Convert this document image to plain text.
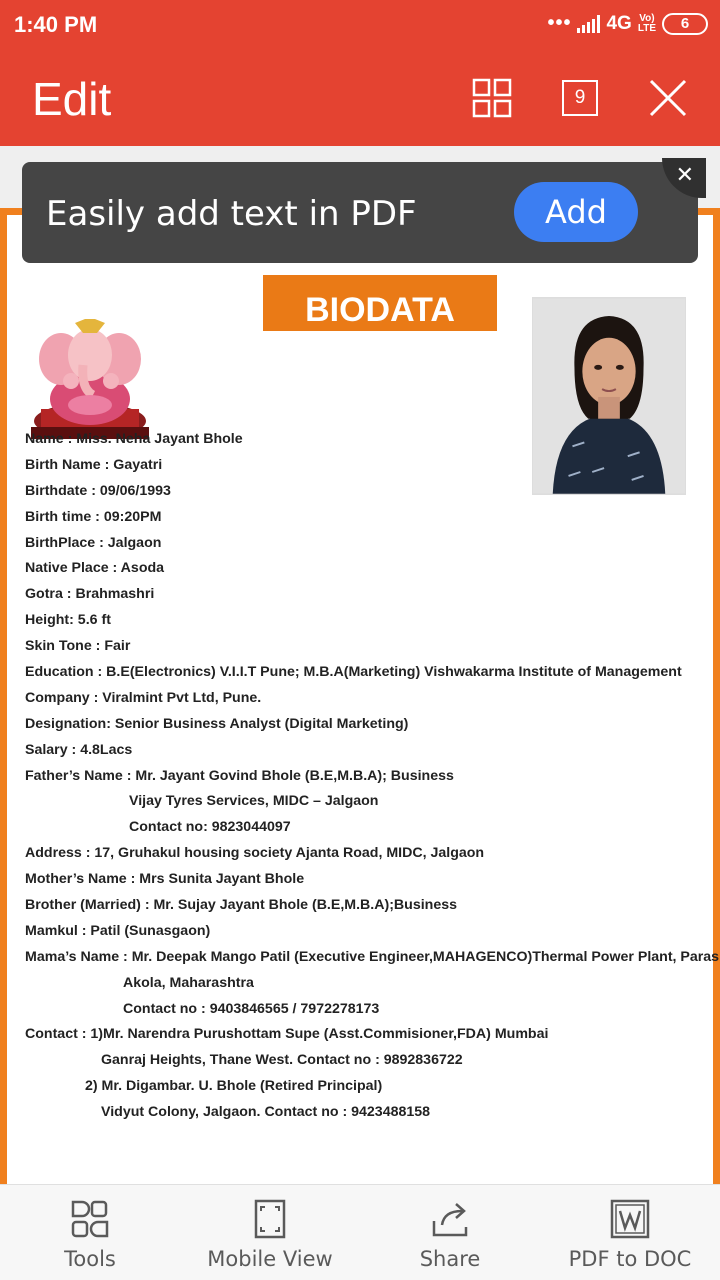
1:40 PM	••• 4G Vo)
LTE 6
Edit	9
BIODATA
Name : Miss. Neha Jayant Bhole
Birth Name : Gayatri
Birthdate : 09/06/1993
Birth time : 09:20PM
BirthPlace : Jalgaon
Native Place : Asoda
Gotra : Brahmashri
Height: 5.6 ft
Skin Tone : Fair
Education : B.E(Electronics) V.I.I.T Pune; M.B.A(Marketing) Vishwakarma Institute of Management
Company : Viralmint Pvt Ltd, Pune.
Designation: Senior Business Analyst (Digital Marketing)
Salary : 4.8Lacs
Father’s Name : Mr. Jayant Govind Bhole (B.E,M.B.A); Business
Vijay Tyres Services, MIDC – Jalgaon
Contact no: 9823044097
Address : 17, Gruhakul housing society Ajanta Road, MIDC, Jalgaon
Mother’s Name : Mrs Sunita Jayant Bhole
Brother (Married) : Mr. Sujay Jayant Bhole (B.E,M.B.A);Business
Mamkul : Patil (Sunasgaon)
Mama’s Name : Mr. Deepak Mango Patil (Executive Engineer,MAHAGENCO)Thermal Power Plant, Paras
Akola, Maharashtra
Contact no : 9403846565 / 7972278173
Contact : 1)Mr. Narendra Purushottam Supe (Asst.Commisioner,FDA) Mumbai
Ganraj Heights, Thane West. Contact no : 9892836722
2) Mr. Digambar. U. Bhole (Retired Principal)
Vidyut Colony, Jalgaon. Contact no : 9423488158
Easily add text in PDF	Add
✕
Tools	Mobile View	Share	PDF to DOC
